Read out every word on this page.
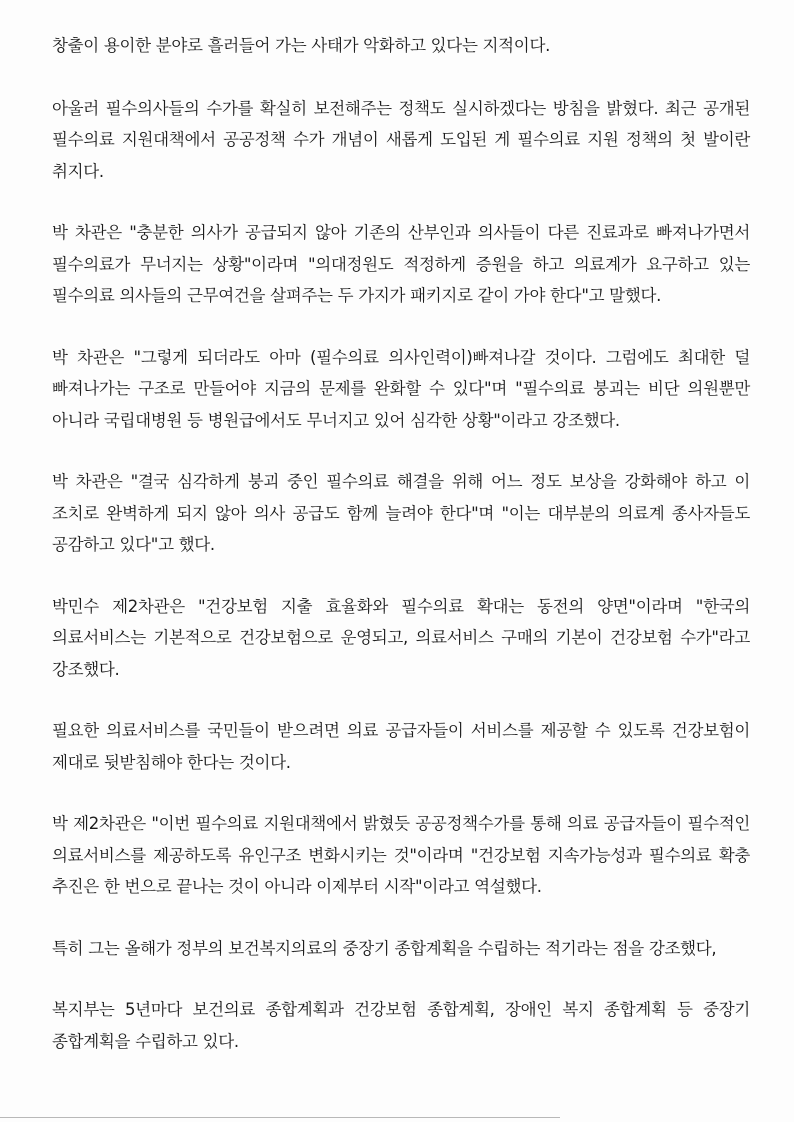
창출이 용이한 분야로 흘러들어 가는 사태가 악화하고 있다는 지적이다.

아울러 필수의사들의 수가를 확실히 보전해주는 정책도 실시하겠다는 방침을 밝혔다. 최근 공개된 필수의료 지원대책에서 공공정책 수가 개념이 새롭게 도입된 게 필수의료 지원 정책의 첫 발이란 취지다.

박 차관은 "충분한 의사가 공급되지 않아 기존의 산부인과 의사들이 다른 진료과로 빠져나가면서 필수의료가 무너지는 상황"이라며 "의대정원도 적정하게 증원을 하고 의료계가 요구하고 있는 필수의료 의사들의 근무여건을 살펴주는 두 가지가 패키지로 같이 가야 한다"고 말했다.

박 차관은 "그렇게 되더라도 아마 (필수의료 의사인력이)빠져나갈 것이다. 그럼에도 최대한 덜 빠져나가는 구조로 만들어야 지금의 문제를 완화할 수 있다"며 "필수의료 붕괴는 비단 의원뿐만 아니라 국립대병원 등 병원급에서도 무너지고 있어 심각한 상황"이라고 강조했다.

박 차관은 "결국 심각하게 붕괴 중인 필수의료 해결을 위해 어느 정도 보상을 강화해야 하고 이 조치로 완벽하게 되지 않아 의사 공급도 함께 늘려야 한다"며 "이는 대부분의 의료계 종사자들도 공감하고 있다"고 했다.

박민수 제2차관은 "건강보험 지출 효율화와 필수의료 확대는 동전의 양면"이라며 "한국의 의료서비스는 기본적으로 건강보험으로 운영되고, 의료서비스 구매의 기본이 건강보험 수가"라고 강조했다.

필요한 의료서비스를 국민들이 받으려면 의료 공급자들이 서비스를 제공할 수 있도록 건강보험이 제대로 뒷받침해야 한다는 것이다.

박 제2차관은 "이번 필수의료 지원대책에서 밝혔듯 공공정책수가를 통해 의료 공급자들이 필수적인 의료서비스를 제공하도록 유인구조 변화시키는 것"이라며 "건강보험 지속가능성과 필수의료 확충 추진은 한 번으로 끝나는 것이 아니라 이제부터 시작"이라고 역설했다.

특히 그는 올해가 정부의 보건복지의료의 중장기 종합계획을 수립하는 적기라는 점을 강조했다,

복지부는 5년마다 보건의료 종합계획과 건강보험 종합계획, 장애인 복지 종합계획 등 중장기 종합계획을 수립하고 있다.
